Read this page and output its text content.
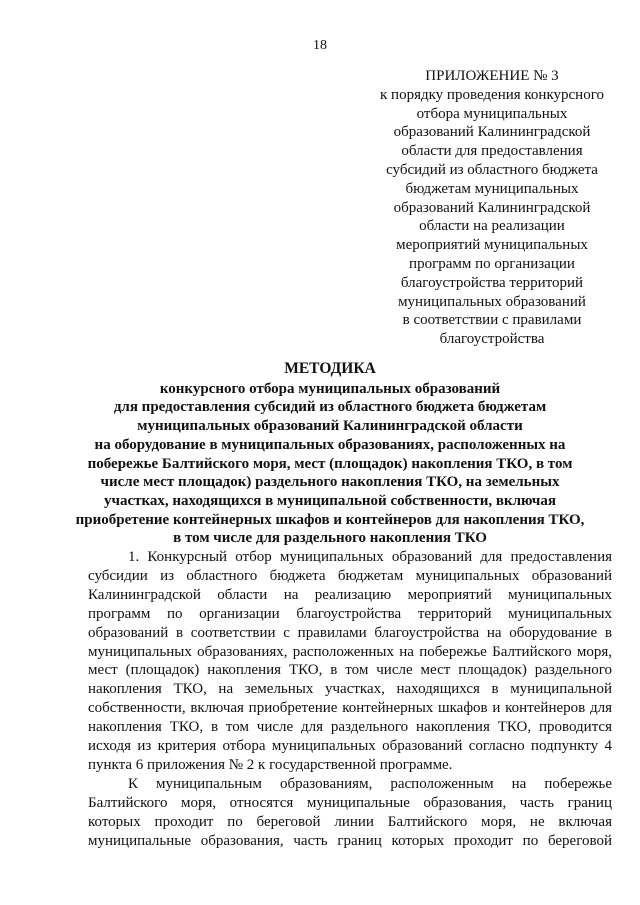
18
ПРИЛОЖЕНИЕ № 3
к порядку проведения конкурсного
отбора муниципальных
образований Калининградской
области для предоставления
субсидий из областного бюджета
бюджетам муниципальных
образований Калининградской
области на реализации
мероприятий муниципальных
программ по организации
благоустройства территорий
муниципальных образований
в соответствии с правилами
благоустройства
МЕТОДИКА
конкурсного отбора муниципальных образований
для предоставления субсидий из областного бюджета бюджетам
муниципальных образований Калининградской области
на оборудование в муниципальных образованиях, расположенных на
побережье Балтийского моря, мест (площадок) накопления ТКО, в том
числе мест площадок) раздельного накопления ТКО, на земельных
участках, находящихся в муниципальной собственности, включая
приобретение контейнерных шкафов и контейнеров для накопления ТКО,
в том числе для раздельного накопления ТКО
1. Конкурсный отбор муниципальных образований для предоставления
субсидии из областного бюджета бюджетам муниципальных образований
Калининградской области на реализацию мероприятий муниципальных
программ по организации благоустройства территорий муниципальных
образований в соответствии с правилами благоустройства на оборудование в
муниципальных образованиях, расположенных на побережье Балтийского моря,
мест (площадок) накопления ТКО, в том числе мест площадок) раздельного
накопления ТКО, на земельных участках, находящихся в муниципальной
собственности, включая приобретение контейнерных шкафов и контейнеров для
накопления ТКО, в том числе для раздельного накопления ТКО, проводится
исходя из критерия отбора муниципальных образований согласно подпункту 4
пункта 6 приложения № 2 к государственной программе.
К муниципальным образованиям, расположенным на побережье
Балтийского моря, относятся муниципальные образования, часть границ
которых проходит по береговой линии Балтийского моря, не включая
муниципальные образования, часть границ которых проходит по береговой
